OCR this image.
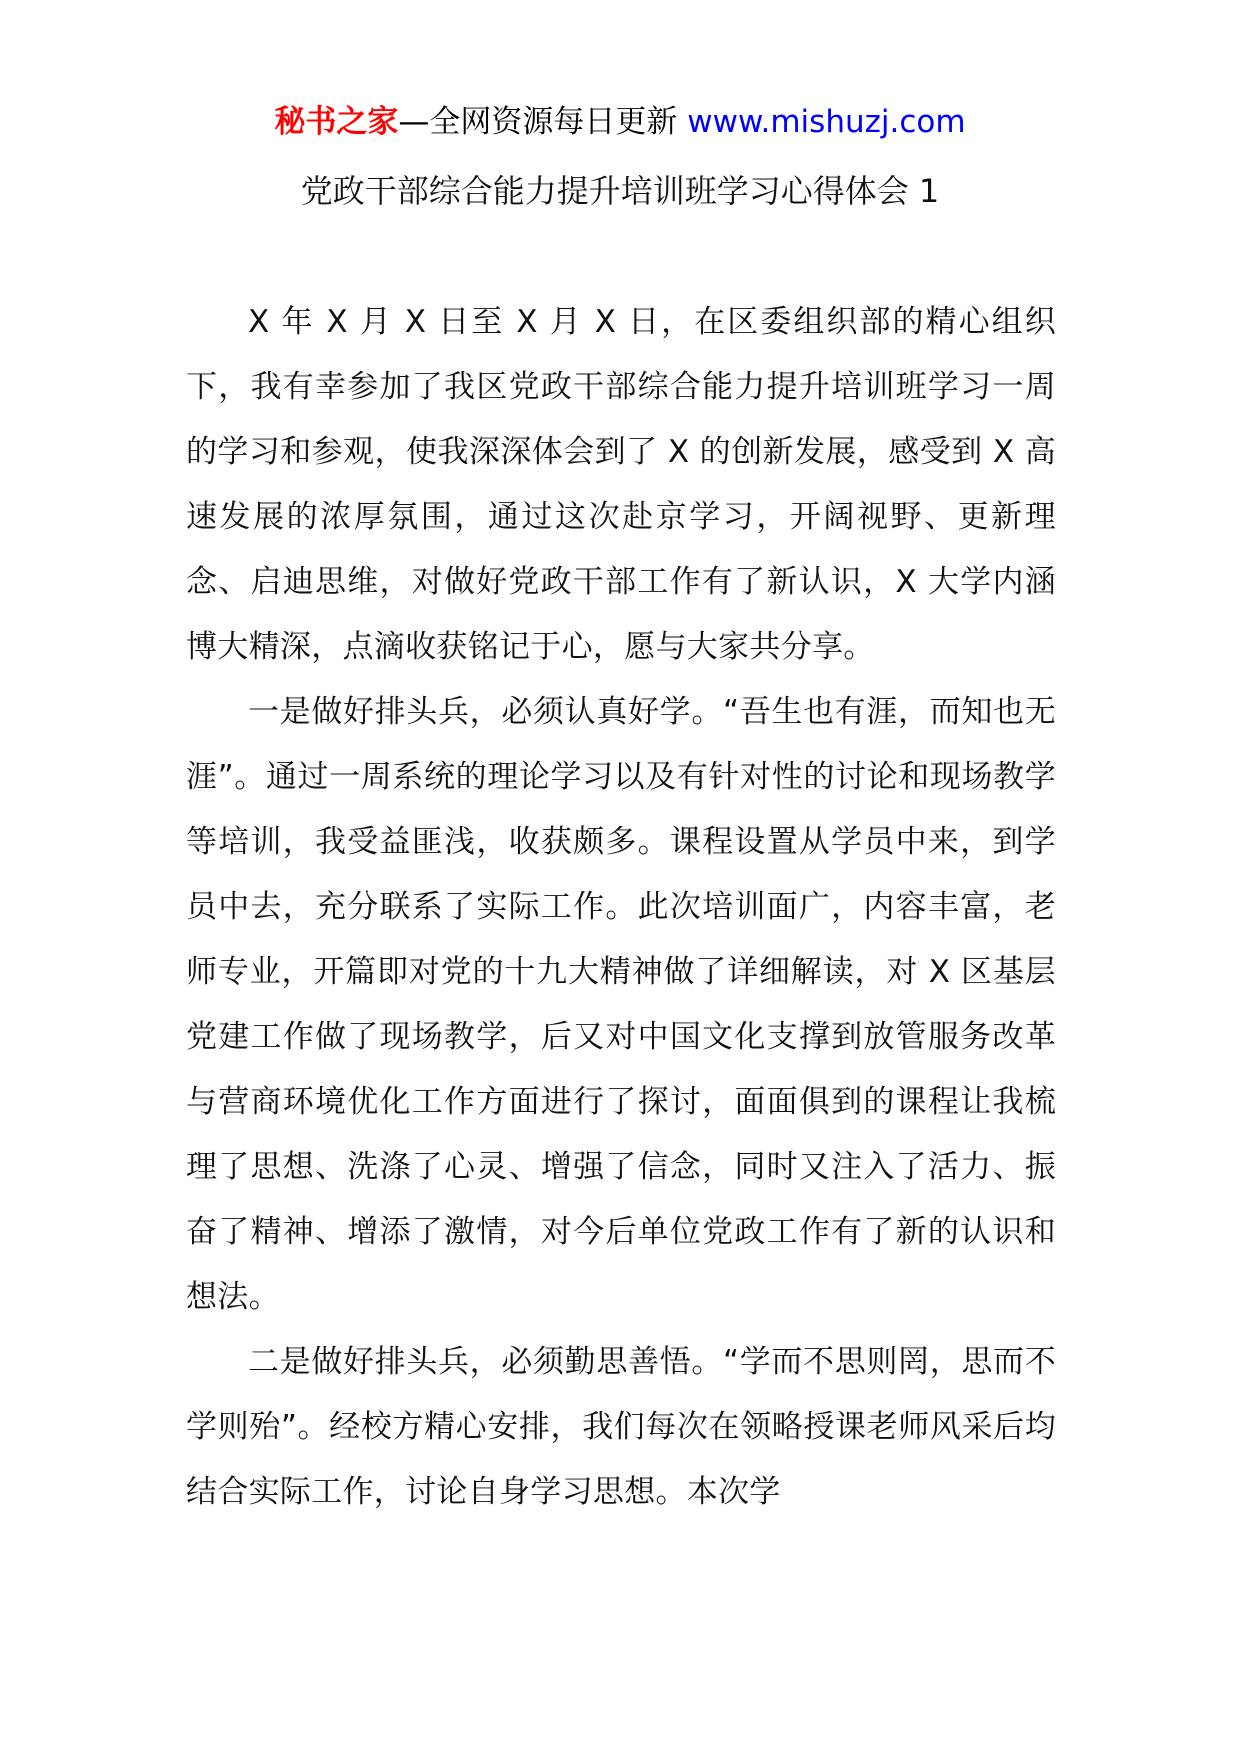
秘书之家—全网资源每日更新 www.mishuzj.com
党政干部综合能力提升培训班学习心得体会 1

X 年 X 月 X 日至 X 月 X 日，在区委组织部的精心组织下，我有幸参加了我区党政干部综合能力提升培训班学习一周的学习和参观，使我深深体会到了 X 的创新发展，感受到 X 高速发展的浓厚氛围，通过这次赴京学习，开阔视野、更新理念、启迪思维，对做好党政干部工作有了新认识，X 大学内涵博大精深，点滴收获铭记于心，愿与大家共分享。

一是做好排头兵，必须认真好学。“吾生也有涯，而知也无涯”。通过一周系统的理论学习以及有针对性的讨论和现场教学等培训，我受益匪浅，收获颇多。课程设置从学员中来，到学员中去，充分联系了实际工作。此次培训面广，内容丰富，老师专业，开篇即对党的十九大精神做了详细解读，对 X 区基层党建工作做了现场教学，后又对中国文化支撑到放管服务改革与营商环境优化工作方面进行了探讨，面面俱到的课程让我梳理了思想、洗涤了心灵、增强了信念，同时又注入了活力、振奋了精神、增添了激情，对今后单位党政工作有了新的认识和想法。

二是做好排头兵，必须勤思善悟。“学而不思则罔，思而不学则殆”。经校方精心安排，我们每次在领略授课老师风采后均结合实际工作，讨论自身学习思想。本次学
